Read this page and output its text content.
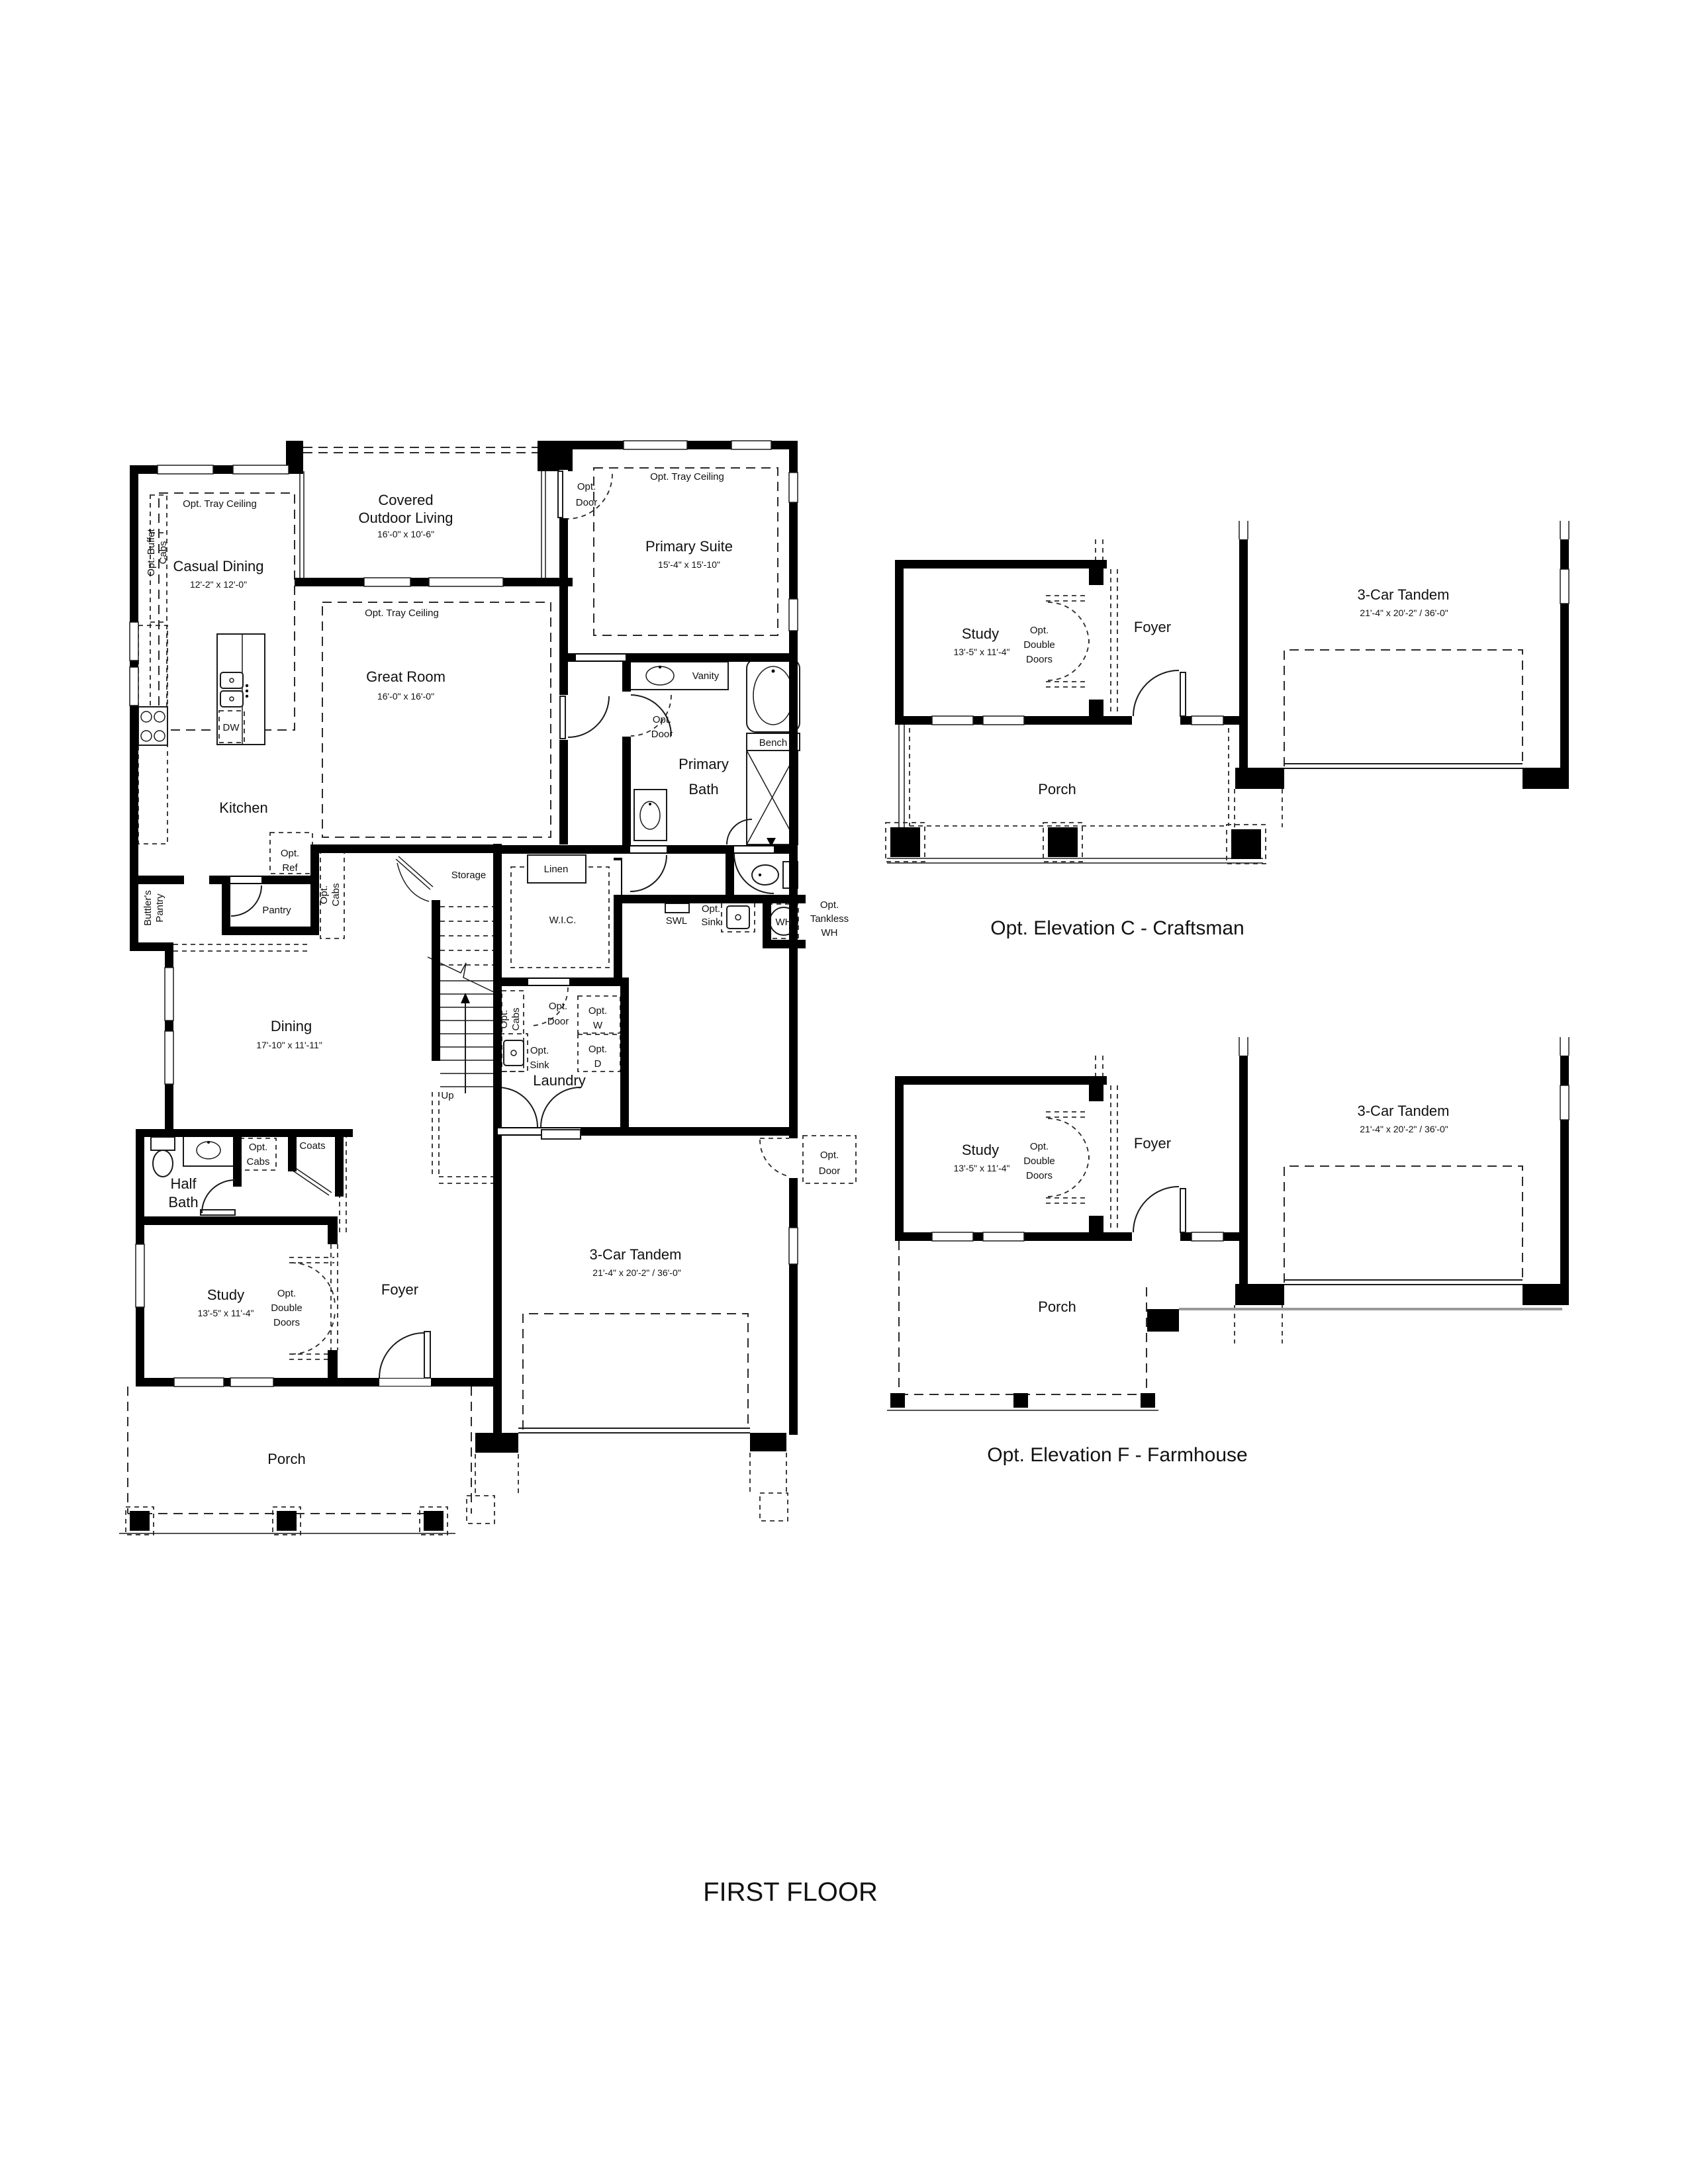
Opt. Tray Ceiling
Casual Dining
12'-2" x 12'-0"
Opt. Buffet Cabs
Covered
Outdoor Living
16'-0" x 10'-6"
Opt. Tray Ceiling
Primary Suite
15'-4" x 15'-10"
Opt.
Door
Opt. Tray Ceiling
Great Room
16'-0" x 16'-0"
Kitchen
DW
Opt.
Ref
Buttler's Pantry	Pantry
Opt. Cabs
Storage
Dining
17'-10" x 11'-11"
Up
W.I.C.
Linen
SWL
Opt.
Sink	WH
Opt.
Tankless
WH
Vanity
Bench
Primary
Bath
Opt.
Door
Opt. Cabs
Opt.
Door
Opt.
W
Opt.
D
Opt.
Sink
Laundry
Half
Bath
Opt.
Cabs
Coats
Study
13'-5" x 11'-4"
Opt.
Double
Doors
Foyer
3-Car Tandem
21'-4" x 20'-2" / 36'-0"
Opt.
Door
Porch
Study
13'-5" x 11'-4"
Opt.
Double
Doors
Foyer
3-Car Tandem
21'-4" x 20'-2" / 36'-0"
Porch
Opt. Elevation C - Craftsman
Porch
Opt. Elevation F - Farmhouse
FIRST FLOOR
